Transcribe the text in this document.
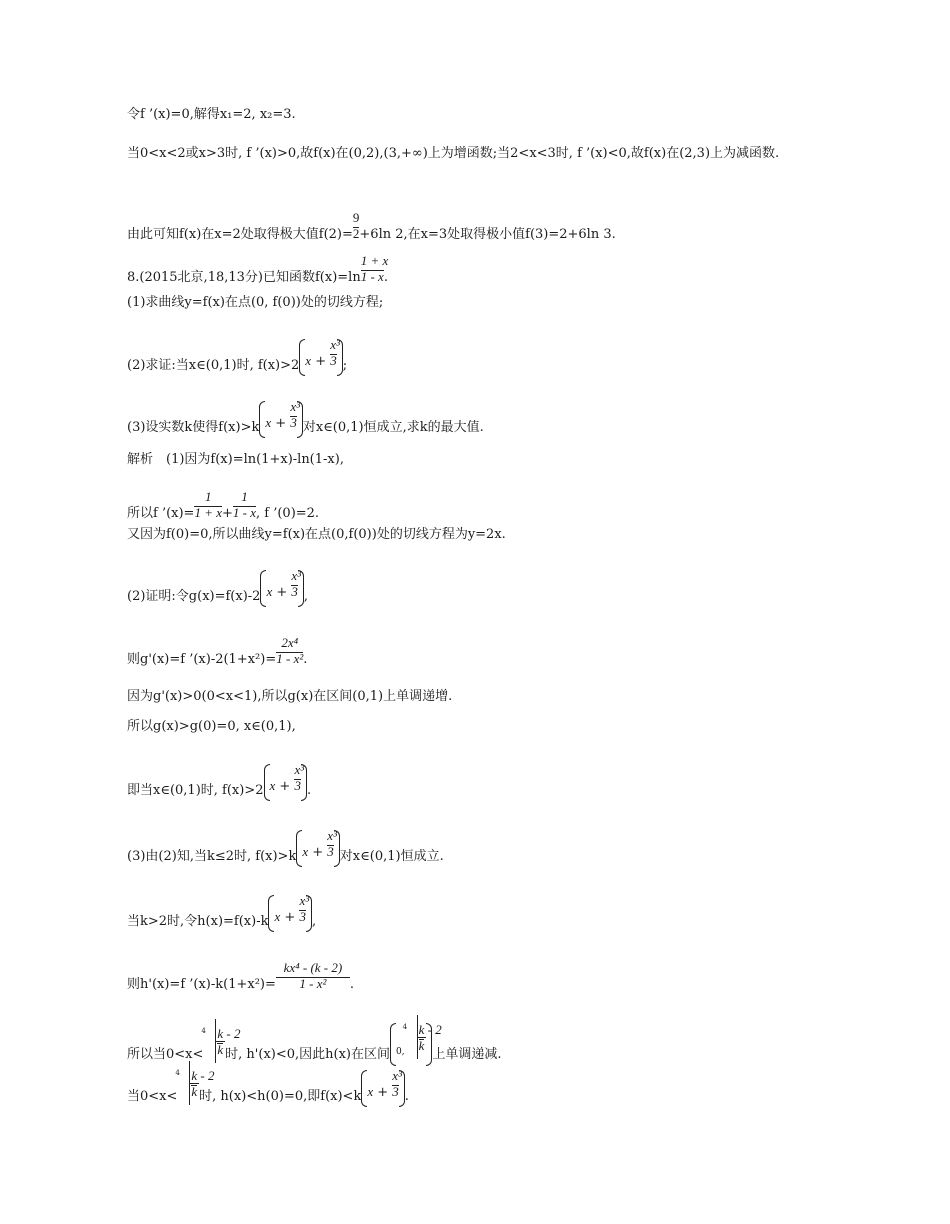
令f ’(x)=0,解得x₁=2, x₂=3.
当0<x<2或x>3时, f ’(x)>0,故f(x)在(0,2),(3,+∞)上为增函数;当2<x<3时, f ’(x)<0,故f(x)在(2,3)上为减函数.
由此可知f(x)在x=2处取得极大值$f(2)= \frac{9}{2}+6\ln$ 2,在x=3处取得极小值f(3)=2+6ln 3.
8.(2015北京,18,13分)已知函数$f(x)=\ln \frac{1 + x}{1 - x}$.
(1)求曲线y=f(x)在点(0, f(0))处的切线方程;
(2)求证:当x∈(0,1)时, f(x)>2 $x + \frac{\text{x³}}{3}$ ;
(3)设实数k使得f(x)>k $x + \frac{\text{x³}}{3}$ 对x∈(0,1)恒成立,求k的最大值.
解析　(1)因为f(x)=ln(1+x)-ln(1-x),
所以f ’(x)= $\frac{1}{1 + x}+ \frac{1}{1 - x}$, f ’(0)=2.
又因为f(0)=0,所以曲线y=f(x)在点(0,f(0))处的切线方程为y=2x.
(2)证明:令g(x)=f(x)-2 $x + \frac{\text{x³}}{3}$ ,
则g'(x)=f ’(x)-2(1+x²)= $\frac{\text{2x⁴}}{\text{1 - x²}}$.
因为g'(x)>0(0<x<1),所以g(x)在区间(0,1)上单调递增.
所以g(x)>g(0)=0, x∈(0,1),
即当x∈(0,1)时, f(x)>2 $x + \frac{\text{x³}}{3}$ .
(3)由(2)知,当k≤2时, f(x)>k $x + \frac{\text{x³}}{3}$ 对x∈(0,1)恒成立.
当k>2时,令h(x)=f(x)-k $x + \frac{\text{x³}}{3}$ ,
则h'(x)=f ’(x)-k(1+x²)= $\frac{\text{kx⁴ - (k - 2)}}{\text{1 - x²}}$.
所以当0<x<
4
$\frac{k - 2}{k}$ 时, h'(x)<0,因此h(x)在区间 0,
4
$\frac{k - 2}{k}$上单调递减.
当0<x<
4
$\frac{k - 2}{k}$ 时, h(x)<h(0)=0,即f(x)<k $x + \frac{\text{x³}}{3}$ .
